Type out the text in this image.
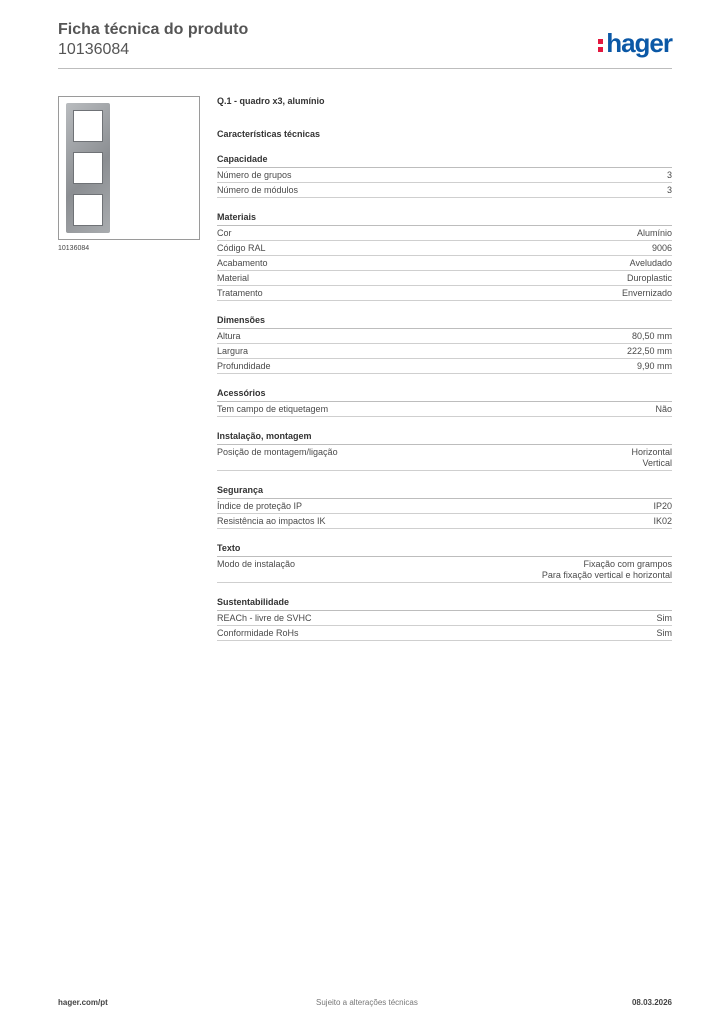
Ficha técnica do produto
10136084	hager
10136084
Q.1 - quadro x3, alumínio
Características técnicas
Capacidade
Número de grupos	3
Número de módulos	3
Materiais
Cor	Alumínio
Código RAL	9006
Acabamento	Aveludado
Material	Duroplastic
Tratamento	Envernizado
Dimensões
Altura	80,50 mm
Largura	222,50 mm
Profundidade	9,90 mm
Acessórios
Tem campo de etiquetagem	Não
Instalação, montagem
Posição de montagem/ligação	Horizontal
Vertical
Segurança
Índice de proteção IP	IP20
Resistência ao impactos IK	IK02
Texto
Modo de instalação	Fixação com grampos
Para fixação vertical e horizontal
Sustentabilidade
REACh - livre de SVHC	Sim
Conformidade RoHs	Sim
hager.com/pt	Sujeito a alterações técnicas	08.03.2026
